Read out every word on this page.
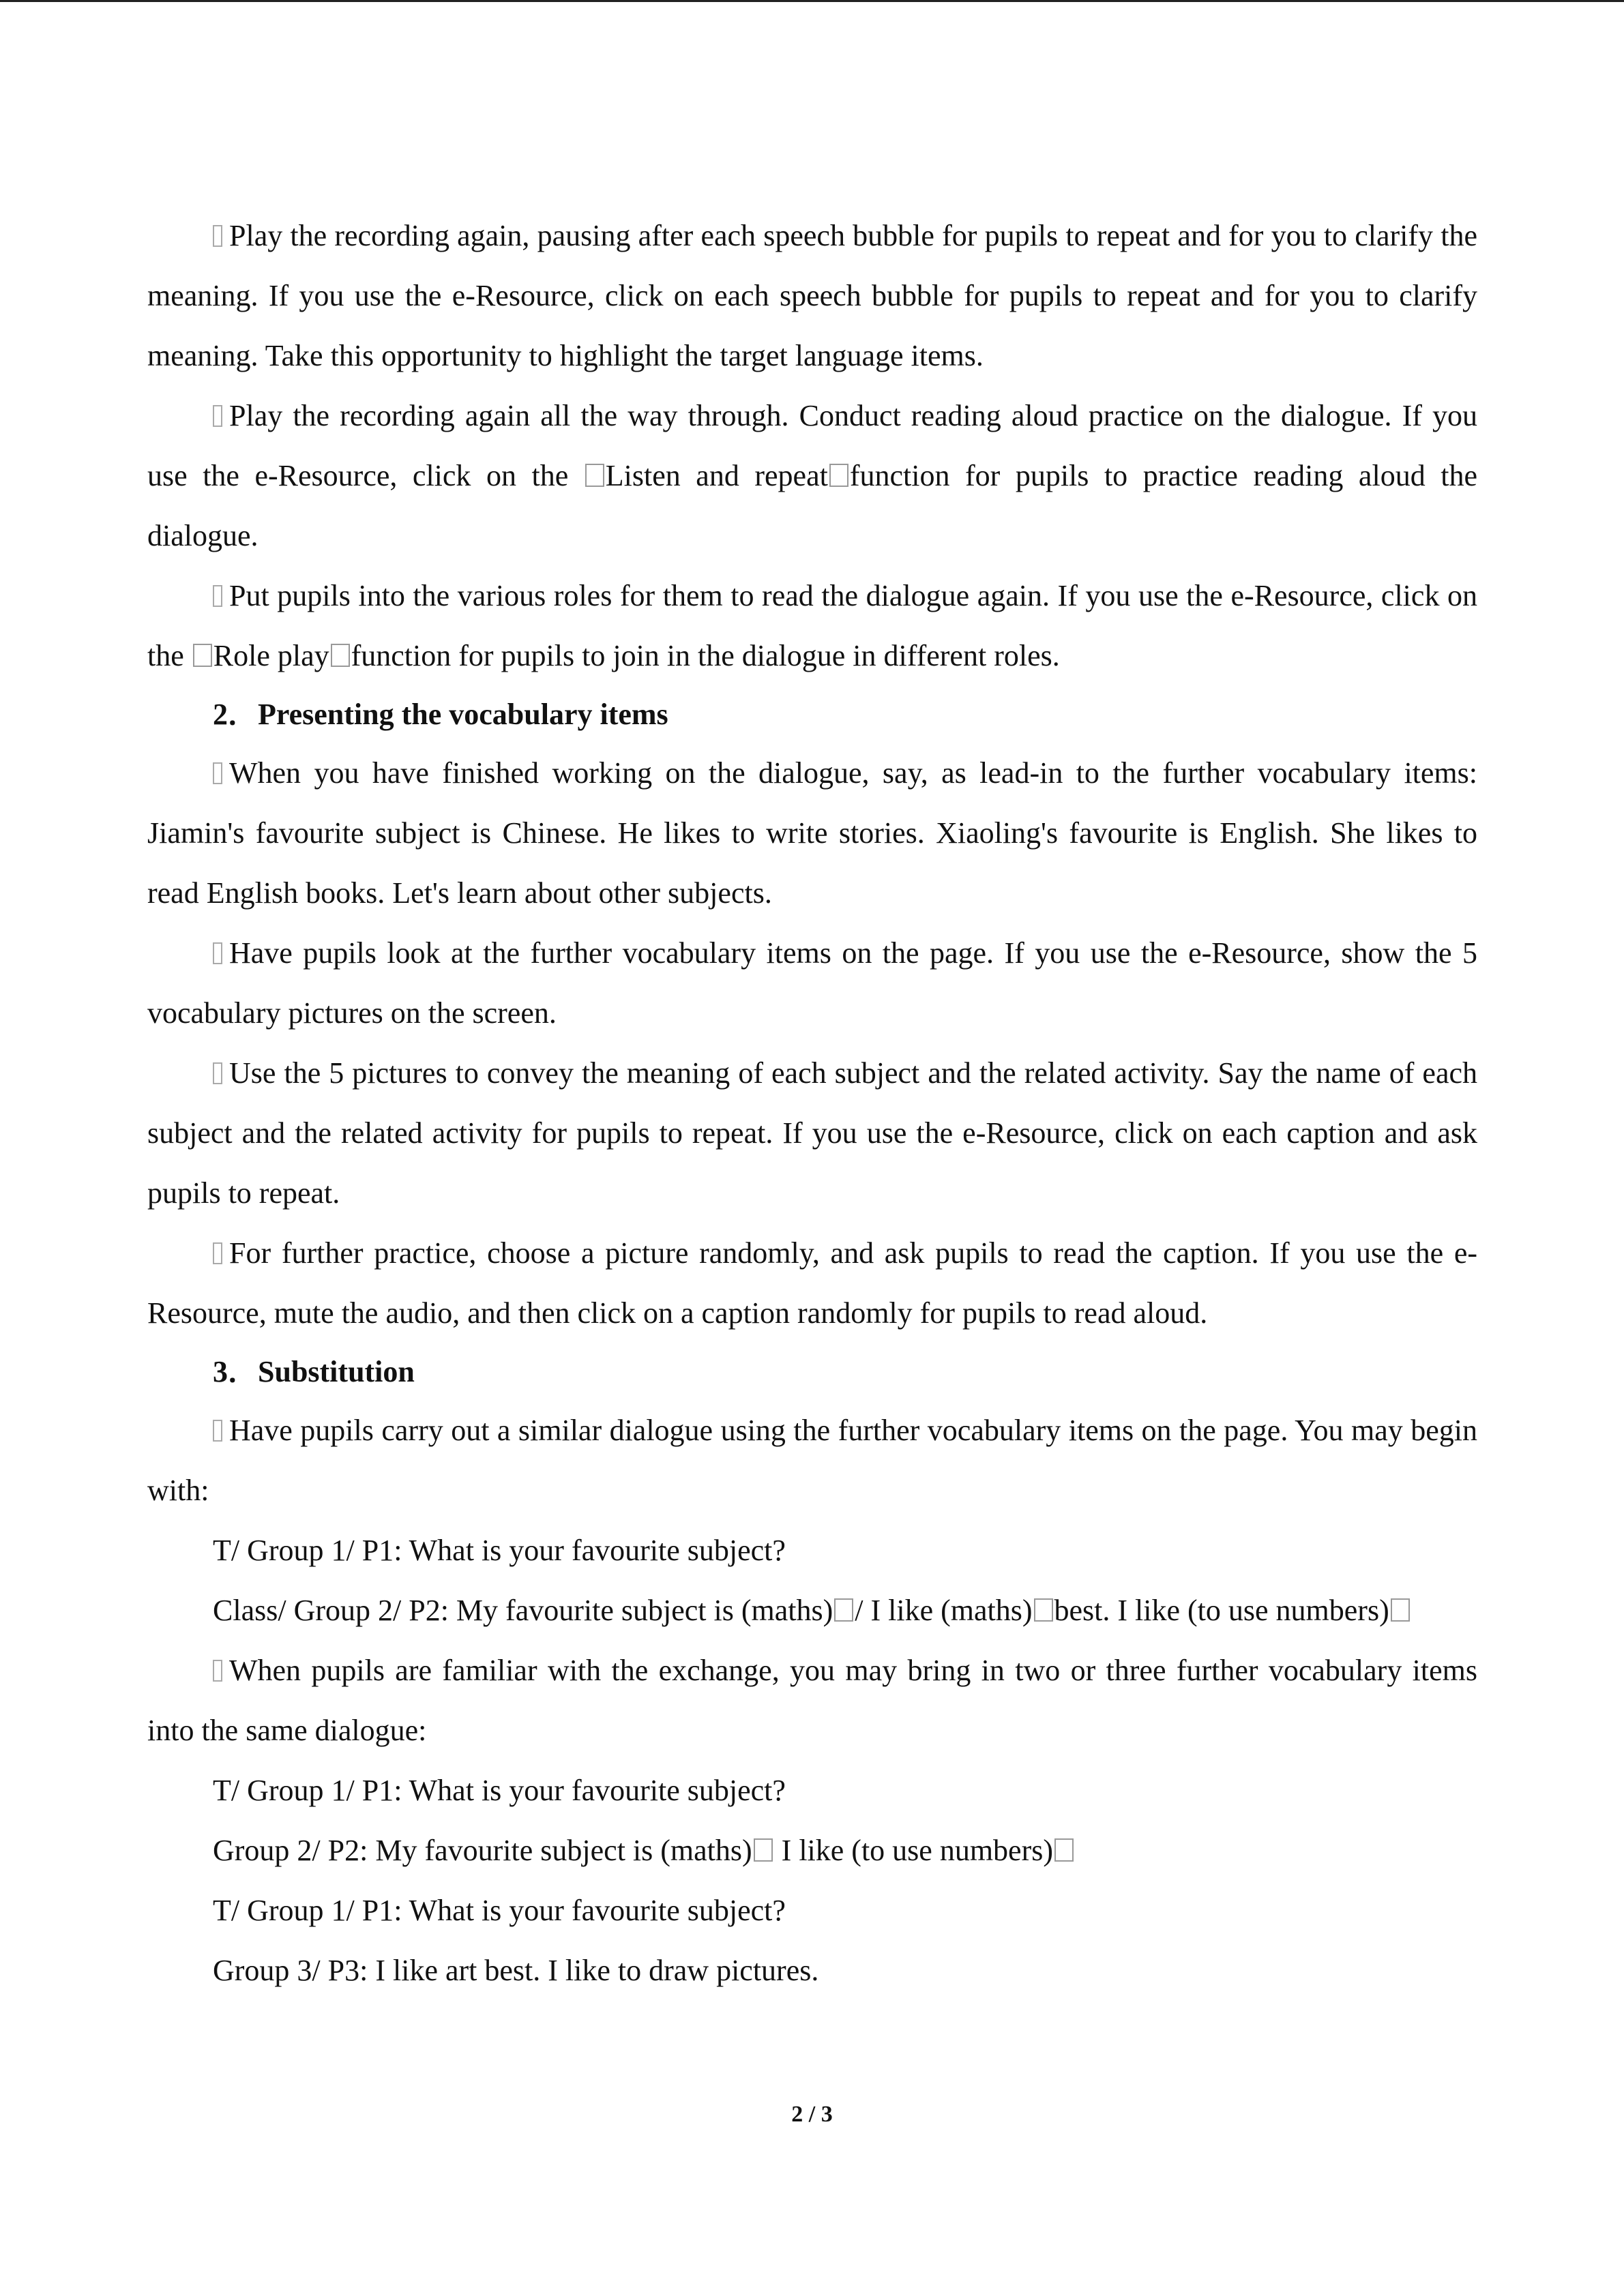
Play the recording again, pausing after each speech bubble for pupils to repeat and for you to clarify the meaning. If you use the e-Resource, click on each speech bubble for pupils to repeat and for you to clarify meaning. Take this opportunity to highlight the target language items.

Play the recording again all the way through. Conduct reading aloud practice on the dialogue. If you use the e-Resource, click on the Listen and repeat function for pupils to practice reading aloud the dialogue.

Put pupils into the various roles for them to read the dialogue again. If you use the e-Resource, click on the Role play function for pupils to join in the dialogue in different roles.

2．Presenting the vocabulary items

When you have finished working on the dialogue, say, as lead-in to the further vocabulary items: Jiamin's favourite subject is Chinese. He likes to write stories. Xiaoling's favourite is English. She likes to read English books. Let's learn about other subjects.

Have pupils look at the further vocabulary items on the page. If you use the e-Resource, show the 5 vocabulary pictures on the screen.

Use the 5 pictures to convey the meaning of each subject and the related activity. Say the name of each subject and the related activity for pupils to repeat. If you use the e-Resource, click on each caption and ask pupils to repeat.

For further practice, choose a picture randomly, and ask pupils to read the caption. If you use the e-Resource, mute the audio, and then click on a caption randomly for pupils to read aloud.

3．Substitution

Have pupils carry out a similar dialogue using the further vocabulary items on the page. You may begin with:

T/ Group 1/ P1: What is your favourite subject?

Class/ Group 2/ P2: My favourite subject is (maths) / I like (maths) best. I like (to use numbers)

When pupils are familiar with the exchange, you may bring in two or three further vocabulary items into the same dialogue:

T/ Group 1/ P1: What is your favourite subject?

Group 2/ P2: My favourite subject is (maths) I like (to use numbers)

T/ Group 1/ P1: What is your favourite subject?

Group 3/ P3: I like art best. I like to draw pictures.

2 / 3
